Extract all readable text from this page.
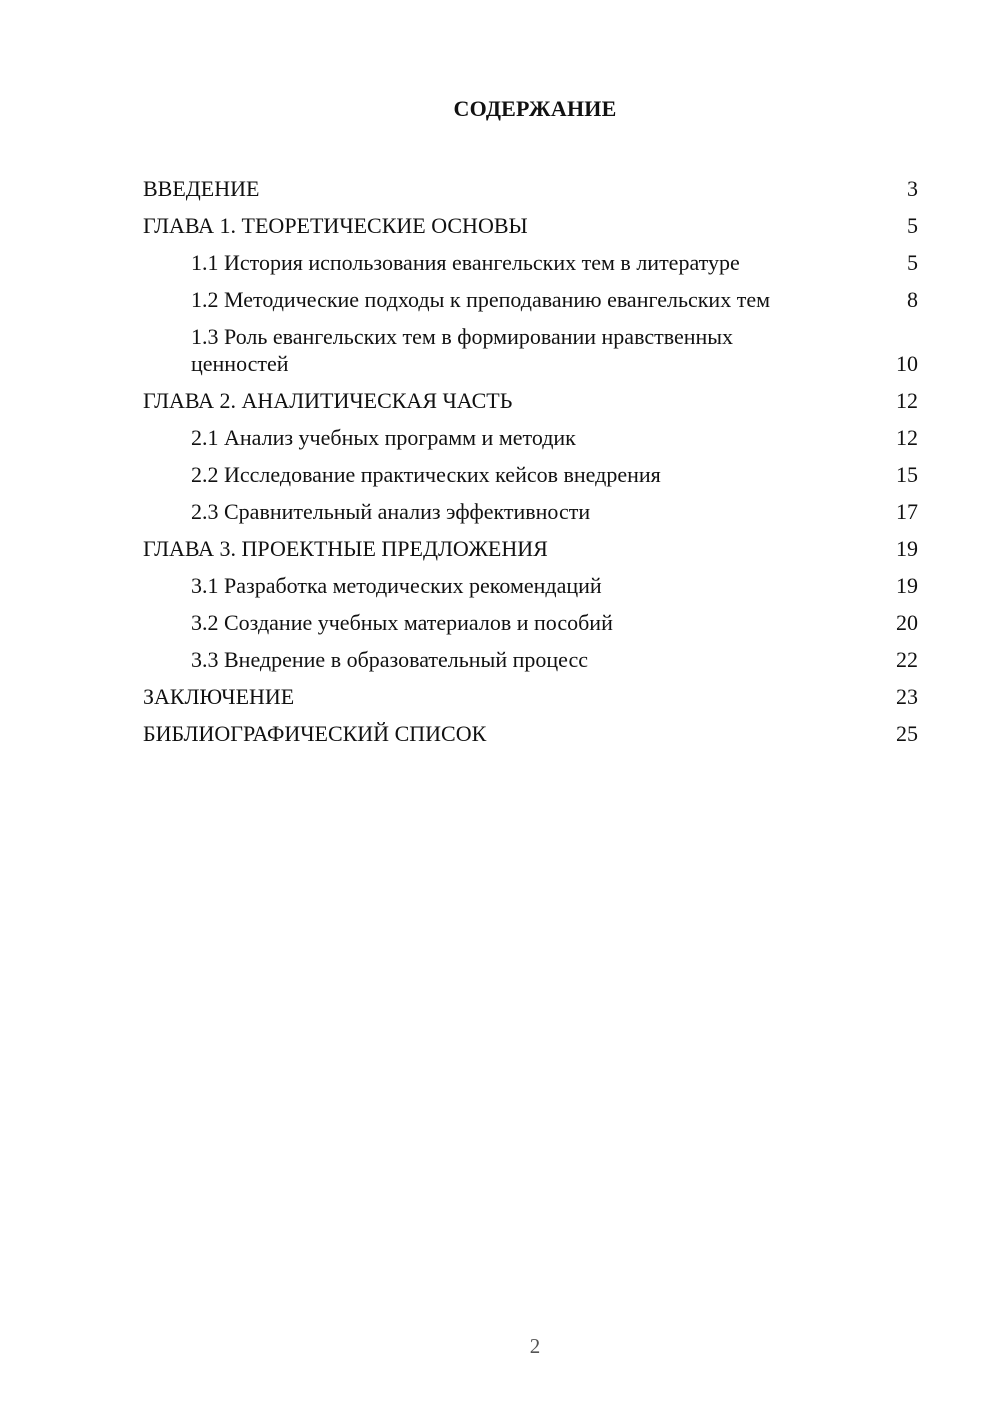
СОДЕРЖАНИЕ
ВВЕДЕНИЕ	3
ГЛАВА 1. ТЕОРЕТИЧЕСКИЕ ОСНОВЫ	5
1.1 История использования евангельских тем в литературе	5
1.2 Методические подходы к преподаванию евангельских тем	8
1.3 Роль евангельских тем в формировании нравственных ценностей	10
ГЛАВА 2. АНАЛИТИЧЕСКАЯ ЧАСТЬ	12
2.1 Анализ учебных программ и методик	12
2.2 Исследование практических кейсов внедрения	15
2.3 Сравнительный анализ эффективности	17
ГЛАВА 3. ПРОЕКТНЫЕ ПРЕДЛОЖЕНИЯ	19
3.1 Разработка методических рекомендаций	19
3.2 Создание учебных материалов и пособий	20
3.3 Внедрение в образовательный процесс	22
ЗАКЛЮЧЕНИЕ	23
БИБЛИОГРАФИЧЕСКИЙ СПИСОК	25
2
